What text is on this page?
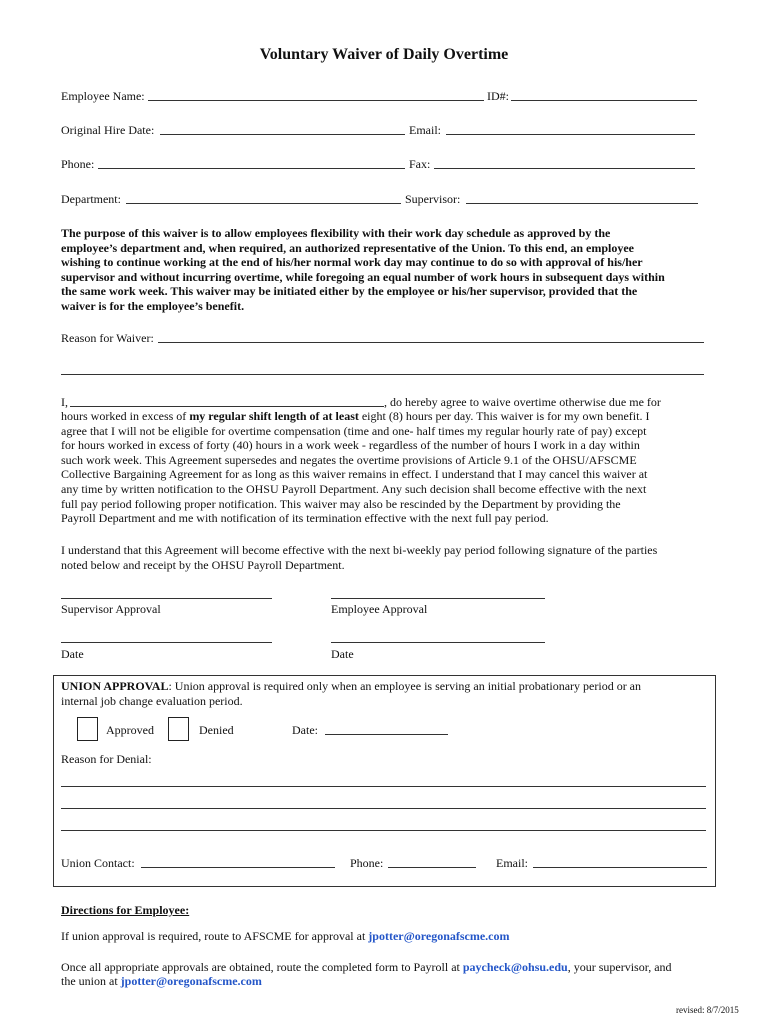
Voluntary Waiver of Daily Overtime
Employee Name:	ID#:
Original Hire Date:	Email:
Phone:	Fax:
Department:	Supervisor:
The purpose of this waiver is to allow employees flexibility with their work day schedule as approved by the
employee’s department and, when required, an authorized representative of the Union. To this end, an employee
wishing to continue working at the end of his/her normal work day may continue to do so with approval of his/her
supervisor and without incurring overtime, while foregoing an equal number of work hours in subsequent days within
the same work week. This waiver may be initiated either by the employee or his/her supervisor, provided that the
waiver is for the employee’s benefit.
Reason for Waiver:
I,	, do hereby agree to waive overtime otherwise due me for
hours worked in excess of my regular shift length of at least eight (8) hours per day. This waiver is for my own benefit. I
agree that I will not be eligible for overtime compensation (time and one- half times my regular hourly rate of pay) except
for hours worked in excess of forty (40) hours in a work week - regardless of the number of hours I work in a day within
such work week. This Agreement supersedes and negates the overtime provisions of Article 9.1 of the OHSU/AFSCME
Collective Bargaining Agreement for as long as this waiver remains in effect. I understand that I may cancel this waiver at
any time by written notification to the OHSU Payroll Department. Any such decision shall become effective with the next
full pay period following proper notification. This waiver may also be rescinded by the Department by providing the
Payroll Department and me with notification of its termination effective with the next full pay period.
I understand that this Agreement will become effective with the next bi-weekly pay period following signature of the parties
noted below and receipt by the OHSU Payroll Department.
Supervisor Approval	Employee Approval
Date	Date
UNION APPROVAL: Union approval is required only when an employee is serving an initial probationary period or an
internal job change evaluation period.
Approved	Denied	Date:
Reason for Denial:
Union Contact:	Phone:	Email:
Directions for Employee:
If union approval is required, route to AFSCME for approval at jpotter@oregonafscme.com
Once all appropriate approvals are obtained, route the completed form to Payroll at paycheck@ohsu.edu, your supervisor, and
the union at jpotter@oregonafscme.com
revised: 8/7/2015
